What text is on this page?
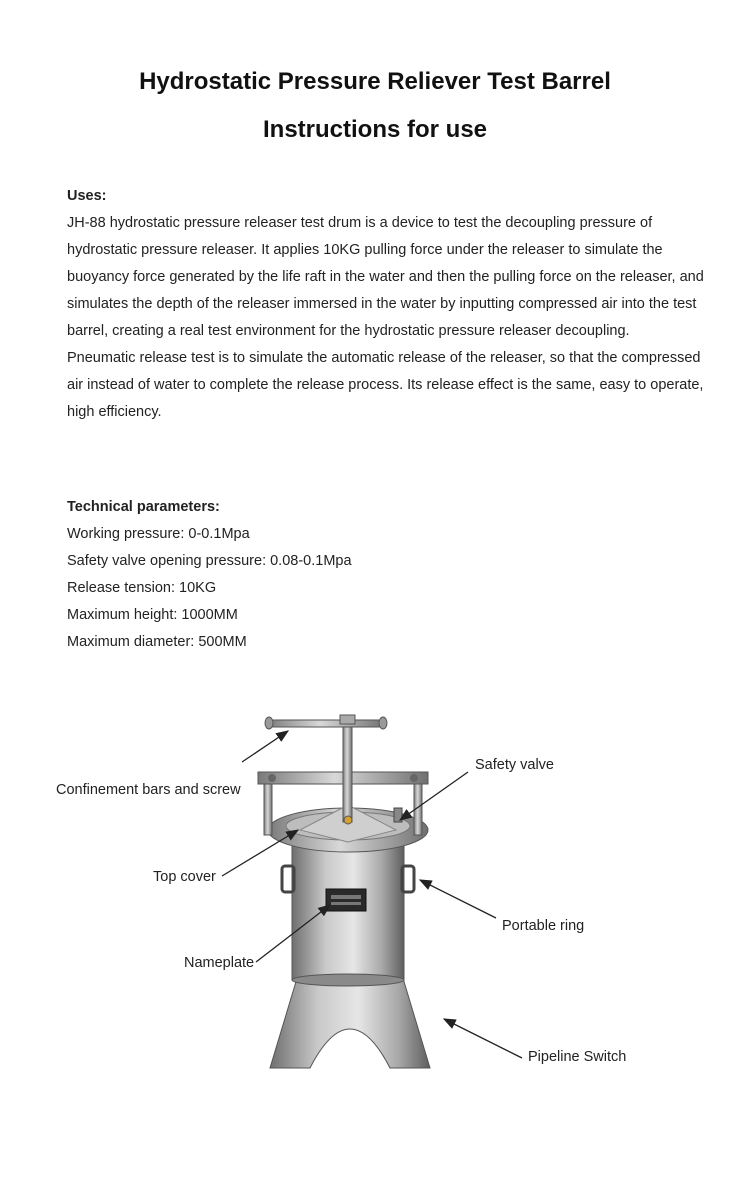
Hydrostatic Pressure Reliever Test Barrel
Instructions for use
Uses:

JH-88 hydrostatic pressure releaser test drum is a device to test the decoupling pressure of hydrostatic pressure releaser. It applies 10KG pulling force under the releaser to simulate the buoyancy force generated by the life raft in the water and then the pulling force on the releaser, and simulates the depth of the releaser immersed in the water by inputting compressed air into the test barrel, creating a real test environment for the hydrostatic pressure releaser decoupling.

Pneumatic release test is to simulate the automatic release of the releaser, so that the compressed air instead of water to complete the release process. Its release effect is the same, easy to operate, high efficiency.

Technical parameters:
Working pressure: 0-0.1Mpa
Safety valve opening pressure: 0.08-0.1Mpa
Release tension: 10KG
Maximum height: 1000MM
Maximum diameter: 500MM
Confinement bars and screw
Safety valve
Top cover
Portable ring
Nameplate
Pipeline Switch
